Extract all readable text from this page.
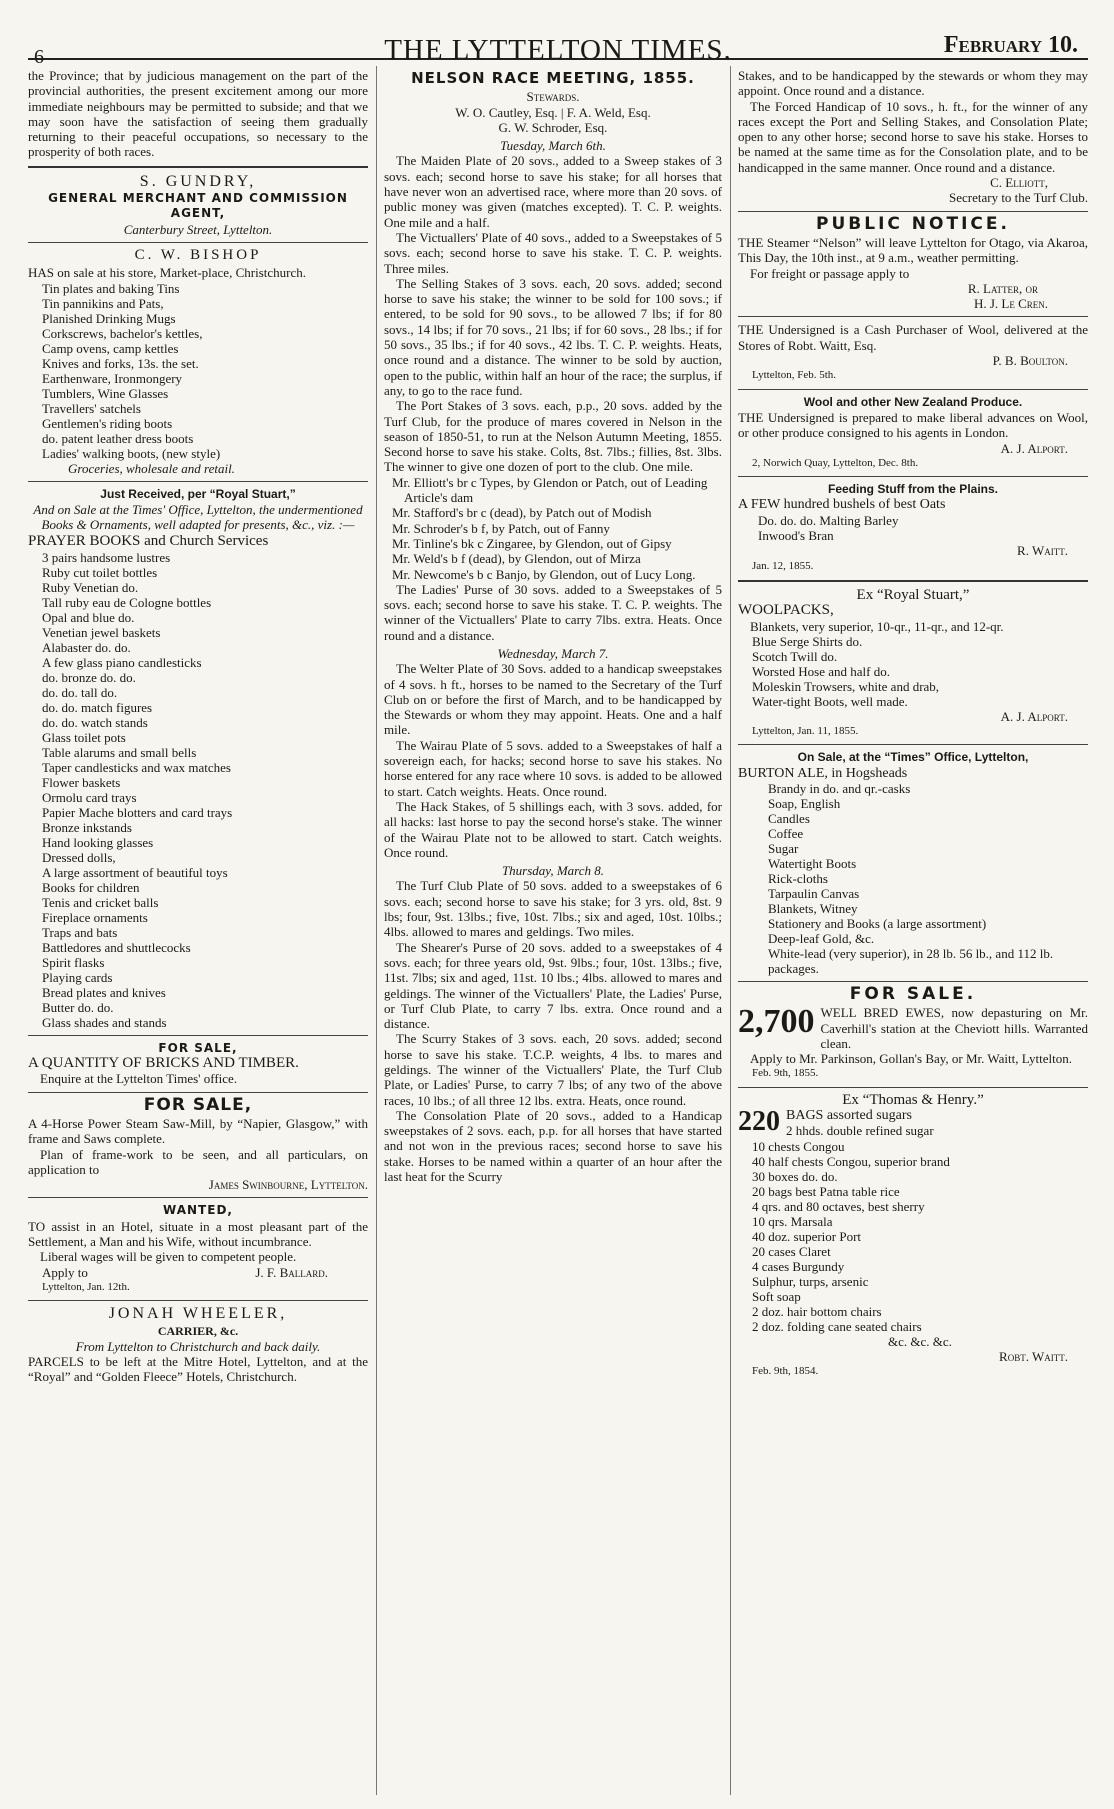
6	THE LYTTELTON TIMES.	February 10.

the Province; that by judicious management on the part of the provincial authorities, the present excitement among our more immediate neighbours may be permitted to subside; and that we may soon have the satisfaction of seeing them gradually returning to their peaceful occupations, so necessary to the prosperity of both races.

S. GUNDRY,
GENERAL MERCHANT AND COMMISSION AGENT,
Canterbury Street, Lyttelton.
C. W. BISHOP

HAS on sale at his store, Market-place, Christchurch.

Tin plates and baking Tins
Tin pannikins and Pats,
Planished Drinking Mugs
Corkscrews, bachelor's kettles,
Camp ovens, camp kettles
Knives and forks, 13s. the set.
Earthenware, Ironmongery
Tumblers, Wine Glasses
Travellers' satchels
Gentlemen's riding boots
do. patent leather dress boots
Ladies' walking boots, (new style)
Groceries, wholesale and retail.
Just Received, per “Royal Stuart,”
And on Sale at the Times' Office, Lyttelton, the undermentioned Books & Ornaments, well adapted for presents, &c., viz. :—

PRAYER BOOKS and Church Services

3 pairs handsome lustres
Ruby cut toilet bottles
Ruby Venetian do.
Tall ruby eau de Cologne bottles
Opal and blue do.
Venetian jewel baskets
Alabaster do. do.
A few glass piano candlesticks
do. bronze do. do.
do. do. tall do.
do. do. match figures
do. do. watch stands
Glass toilet pots
Table alarums and small bells
Taper candlesticks and wax matches
Flower baskets
Ormolu card trays
Papier Mache blotters and card trays
Bronze inkstands
Hand looking glasses
Dressed dolls,
A large assortment of beautiful toys
Books for children
Tenis and cricket balls
Fireplace ornaments
Traps and bats
Battledores and shuttlecocks
Spirit flasks
Playing cards
Bread plates and knives
Butter do. do.
Glass shades and stands
FOR SALE,

A QUANTITY OF BRICKS AND TIMBER.

Enquire at the Lyttelton Times' office.

FOR SALE,

A 4-Horse Power Steam Saw-Mill, by “Napier, Glasgow,” with frame and Saws complete.

Plan of frame-work to be seen, and all particulars, on application to

James Swinbourne, Lyttelton.
WANTED,

TO assist in an Hotel, situate in a most pleasant part of the Settlement, a Man and his Wife, without incumbrance.

Liberal wages will be given to competent people.

Apply to	J. F. Ballard.
Lyttelton, Jan. 12th.
JONAH WHEELER,
CARRIER, &c.
From Lyttelton to Christchurch and back daily.

PARCELS to be left at the Mitre Hotel, Lyttelton, and at the “Royal” and “Golden Fleece” Hotels, Christchurch.

NELSON RACE MEETING, 1855.
Stewards.
W. O. Cautley, Esq. | F. A. Weld, Esq.
G. W. Schroder, Esq.
Tuesday, March 6th.

The Maiden Plate of 20 sovs., added to a Sweep stakes of 3 sovs. each; second horse to save his stake; for all horses that have never won an advertised race, where more than 20 sovs. of public money was given (matches excepted). T. C. P. weights. One mile and a half.

The Victuallers' Plate of 40 sovs., added to a Sweepstakes of 5 sovs. each; second horse to save his stake. T. C. P. weights. Three miles.

The Selling Stakes of 3 sovs. each, 20 sovs. added; second horse to save his stake; the winner to be sold for 100 sovs.; if entered, to be sold for 90 sovs., to be allowed 7 lbs; if for 80 sovs., 14 lbs; if for 70 sovs., 21 lbs; if for 60 sovs., 28 lbs.; if for 50 sovs., 35 lbs.; if for 40 sovs., 42 lbs. T. C. P. weights. Heats, once round and a distance. The winner to be sold by auction, open to the public, within half an hour of the race; the surplus, if any, to go to the race fund.

The Port Stakes of 3 sovs. each, p.p., 20 sovs. added by the Turf Club, for the produce of mares covered in Nelson in the season of 1850-51, to run at the Nelson Autumn Meeting, 1855. Second horse to save his stake. Colts, 8st. 7lbs.; fillies, 8st. 3lbs. The winner to give one dozen of port to the club. One mile.

Mr. Elliott's br c Types, by Glendon or Patch, out of Leading Article's dam
Mr. Stafford's br c (dead), by Patch out of Modish
Mr. Schroder's b f, by Patch, out of Fanny
Mr. Tinline's bk c Zingaree, by Glendon, out of Gipsy
Mr. Weld's b f (dead), by Glendon, out of Mirza
Mr. Newcome's b c Banjo, by Glendon, out of Lucy Long.

The Ladies' Purse of 30 sovs. added to a Sweepstakes of 5 sovs. each; second horse to save his stake. T. C. P. weights. The winner of the Victuallers' Plate to carry 7lbs. extra. Heats. Once round and a distance.

Wednesday, March 7.

The Welter Plate of 30 Sovs. added to a handicap sweepstakes of 4 sovs. h ft., horses to be named to the Secretary of the Turf Club on or before the first of March, and to be handicapped by the Stewards or whom they may appoint. Heats. One and a half mile.

The Wairau Plate of 5 sovs. added to a Sweepstakes of half a sovereign each, for hacks; second horse to save his stakes. No horse entered for any race where 10 sovs. is added to be allowed to start. Catch weights. Heats. Once round.

The Hack Stakes, of 5 shillings each, with 3 sovs. added, for all hacks: last horse to pay the second horse's stake. The winner of the Wairau Plate not to be allowed to start. Catch weights. Once round.

Thursday, March 8.

The Turf Club Plate of 50 sovs. added to a sweepstakes of 6 sovs. each; second horse to save his stake; for 3 yrs. old, 8st. 9 lbs; four, 9st. 13lbs.; five, 10st. 7lbs.; six and aged, 10st. 10lbs.; 4lbs. allowed to mares and geldings. Two miles.

The Shearer's Purse of 20 sovs. added to a sweepstakes of 4 sovs. each; for three years old, 9st. 9lbs.; four, 10st. 13lbs.; five, 11st. 7lbs; six and aged, 11st. 10 lbs.; 4lbs. allowed to mares and geldings. The winner of the Victuallers' Plate, the Ladies' Purse, or Turf Club Plate, to carry 7 lbs. extra. Once round and a distance.

The Scurry Stakes of 3 sovs. each, 20 sovs. added; second horse to save his stake. T.C.P. weights, 4 lbs. to mares and geldings. The winner of the Victuallers' Plate, the Turf Club Plate, or Ladies' Purse, to carry 7 lbs; of any two of the above races, 10 lbs.; of all three 12 lbs. extra. Heats, once round.

The Consolation Plate of 20 sovs., added to a Handicap sweepstakes of 2 sovs. each, p.p. for all horses that have started and not won in the previous races; second horse to save his stake. Horses to be named within a quarter of an hour after the last heat for the Scurry

Stakes, and to be handicapped by the stewards or whom they may appoint. Once round and a distance.

The Forced Handicap of 10 sovs., h. ft., for the winner of any races except the Port and Selling Stakes, and Consolation Plate; open to any other horse; second horse to save his stake. Horses to be named at the same time as for the Consolation plate, and to be handicapped in the same manner. Once round and a distance.

C. Elliott,
Secretary to the Turf Club.
PUBLIC NOTICE.

THE Steamer “Nelson” will leave Lyttelton for Otago, via Akaroa, This Day, the 10th inst., at 9 a.m., weather permitting.

For freight or passage apply to

R. Latter, or
H. J. Le Cren.

THE Undersigned is a Cash Purchaser of Wool, delivered at the Stores of Robt. Waitt, Esq.

P. B. Boulton.
Lyttelton, Feb. 5th.
Wool and other New Zealand Produce.

THE Undersigned is prepared to make liberal advances on Wool, or other produce consigned to his agents in London.

A. J. Alport.
2, Norwich Quay, Lyttelton, Dec. 8th.
Feeding Stuff from the Plains.

A FEW hundred bushels of best Oats

Do. do. do. Malting Barley
Inwood's Bran
R. Waitt.
Jan. 12, 1855.
Ex “Royal Stuart,”

WOOLPACKS,

Blankets, very superior, 10-qr., 11-qr., and 12-qr.

Blue Serge Shirts do.
Scotch Twill do.
Worsted Hose and half do.
Moleskin Trowsers, white and drab,
Water-tight Boots, well made.
A. J. Alport.
Lyttelton, Jan. 11, 1855.
On Sale, at the “Times” Office, Lyttelton,

BURTON ALE, in Hogsheads

Brandy in do. and qr.-casks
Soap, English
Candles
Coffee
Sugar
Watertight Boots
Rick-cloths
Tarpaulin Canvas
Blankets, Witney
Stationery and Books (a large assortment)
Deep-leaf Gold, &c.
White-lead (very superior), in 28 lb. 56 lb., and 112 lb. packages.
FOR SALE.
2,700 WELL BRED EWES, now depasturing on Mr. Caverhill's station at the Cheviott hills. Warranted clean.

Apply to Mr. Parkinson, Gollan's Bay, or Mr. Waitt, Lyttelton.

Feb. 9th, 1855.
Ex “Thomas & Henry.”
220 BAGS assorted sugars
2 hhds. double refined sugar
10 chests Congou
40 half chests Congou, superior brand
30 boxes do. do.
20 bags best Patna table rice
4 qrs. and 80 octaves, best sherry
10 qrs. Marsala
40 doz. superior Port
20 cases Claret
4 cases Burgundy
Sulphur, turps, arsenic
Soft soap
2 doz. hair bottom chairs
2 doz. folding cane seated chairs
&c. &c. &c.
Robt. Waitt.
Feb. 9th, 1854.
